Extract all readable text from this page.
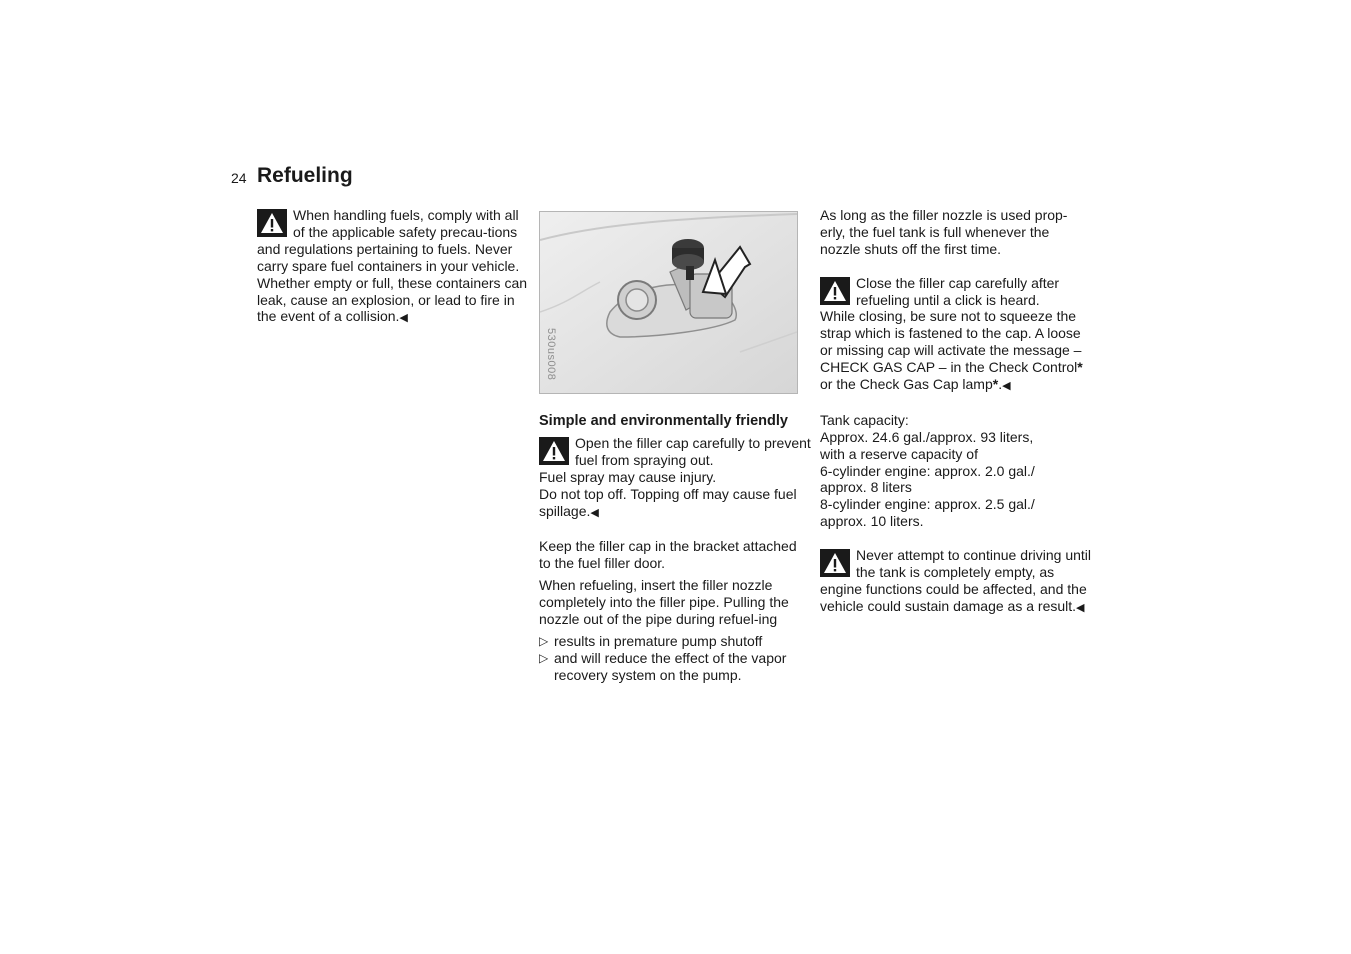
24 Refueling
When handling fuels, comply with all of the applicable safety precau-tions and regulations pertaining to fuels. Never carry spare fuel containers in your vehicle. Whether empty or full, these containers can leak, cause an explosion, or lead to fire in the event of a collision.◀
530us008
Simple and environmentally friendly

Open the filler cap carefully to prevent fuel from spraying out.

Fuel spray may cause injury.

Do not top off. Topping off may cause fuel spillage.◀

Keep the filler cap in the bracket attached to the fuel filler door.

When refueling, insert the filler nozzle completely into the filler pipe. Pulling the nozzle out of the pipe during refuel-ing

▷ results in premature pump shutoff
▷ and will reduce the effect of the vapor recovery system on the pump.

As long as the filler nozzle is used prop-erly, the fuel tank is full whenever the nozzle shuts off the first time.

Close the filler cap carefully after refueling until a click is heard.

While closing, be sure not to squeeze the strap which is fastened to the cap. A loose or missing cap will activate the message – CHECK GAS CAP – in the Check Control* or the Check Gas Cap lamp*.◀

Tank capacity:

Approx. 24.6 gal./approx. 93 liters,

with a reserve capacity of

6-cylinder engine: approx. 2.0 gal./

approx. 8 liters

8-cylinder engine: approx. 2.5 gal./

approx. 10 liters.

Never attempt to continue driving until the tank is completely empty, as engine functions could be affected, and the vehicle could sustain damage as a result.◀
